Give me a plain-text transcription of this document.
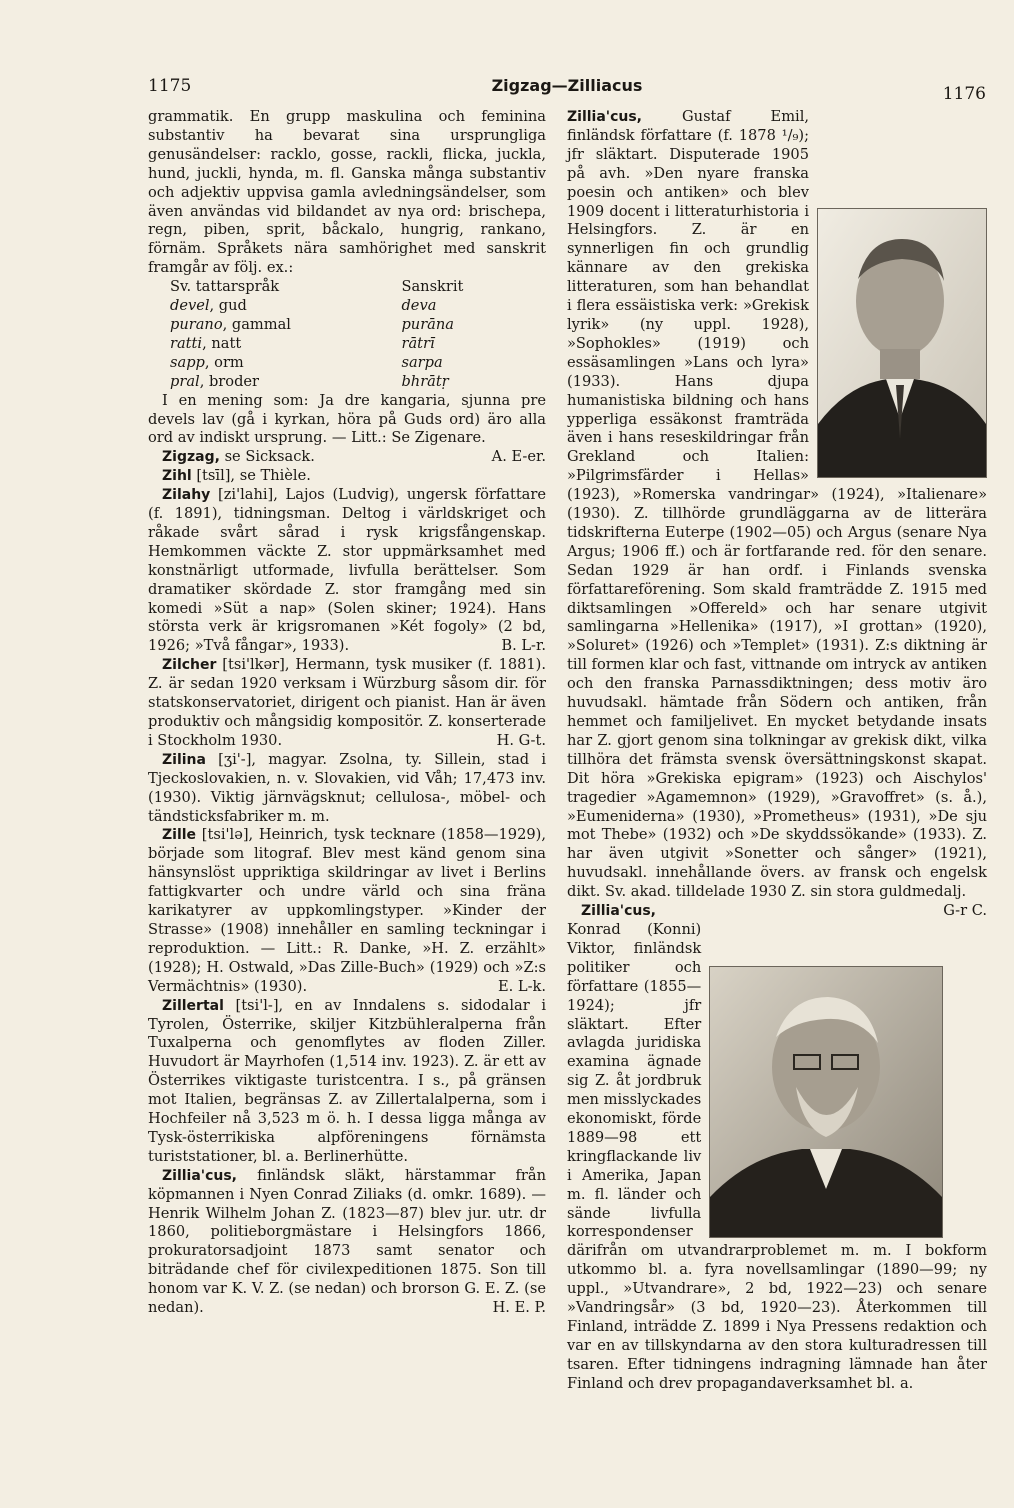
1175	Zigzag—Zilliacus	1176

grammatik. En grupp maskulina och feminina substantiv ha bevarat sina ursprungliga genusändelser: racklo, gosse, rackli, flicka, juckla, hund, juckli, hynda, m. fl. Ganska många substantiv och adjektiv uppvisa gamla avledningsändelser, som även användas vid bildandet av nya ord: brischepa, regn, piben, sprit, båckalo, hungrig, rankano, förnäm. Språkets nära samhörighet med sanskrit framgår av följ. ex.:

Sv. tattarspråk	Sanskrit
devel, gud	deva
purano, gammal	purāna
ratti, natt	rātrī
sapp, orm	sarpa
pral, broder	bhrātṛ

I en mening som: Ja dre kangaria, sjunna pre devels lav (gå i kyrkan, höra på Guds ord) äro alla ord av indiskt ursprung. — Litt.: Se Zigenare.
A. E-er.

Zigzag, se Sicksack.

Zihl [tsīl], se Thièle.

Zilahy [zi'lahi], Lajos (Ludvig), ungersk författare (f. 1891), tidningsman. Deltog i världskriget och råkade svårt sårad i rysk krigsfångenskap. Hemkommen väckte Z. stor uppmärksamhet med konstnärligt utformade, livfulla berättelser. Som dramatiker skördade Z. stor framgång med sin komedi »Süt a nap» (Solen skiner; 1924). Hans största verk är krigsromanen »Két fogoly» (2 bd, 1926; »Två fångar», 1933).	B. L-r.

Zilcher [tsi'lkər], Hermann, tysk musiker (f. 1881). Z. är sedan 1920 verksam i Würzburg såsom dir. för statskonservatoriet, dirigent och pianist. Han är även produktiv och mångsidig kompositör. Z. konserterade i Stockholm 1930.	H. G-t.

Zilina [ʒi'-], magyar. Zsolna, ty. Sillein, stad i Tjeckoslovakien, n. v. Slovakien, vid Våh; 17,473 inv. (1930). Viktig järnvägsknut; cellulosa-, möbel- och tändsticksfabriker m. m.

Zille [tsi'lə], Heinrich, tysk tecknare (1858—1929), började som litograf. Blev mest känd genom sina hänsynslöst uppriktiga skildringar av livet i Berlins fattigkvarter och undre värld och sina fräna karikatyrer av uppkomlingstyper. »Kinder der Strasse» (1908) innehåller en samling teckningar i reproduktion. — Litt.: R. Danke, »H. Z. erzählt» (1928); H. Ostwald, »Das Zille-Buch» (1929) och »Z:s Vermächtnis» (1930).	E. L-k.

Zillertal [tsi'l-], en av Inndalens s. sidodalar i Tyrolen, Österrike, skiljer Kitzbühleralperna från Tuxalperna och genomflytes av floden Ziller. Huvudort är Mayrhofen (1,514 inv. 1923). Z. är ett av Österrikes viktigaste turistcentra. I s., på gränsen mot Italien, begränsas Z. av Zillertalalperna, som i Hochfeiler nå 3,523 m ö. h. I dessa ligga många av Tysk-österrikiska alpföreningens förnämsta turiststationer, bl. a. Berlinerhütte.

Zillia'cus, finländsk släkt, härstammar från köpmannen i Nyen Conrad Ziliaks (d. omkr. 1689). — Henrik Wilhelm Johan Z. (1823—87) blev jur. utr. dr 1860, politieborgmästare i Helsingfors 1866, prokuratorsadjoint 1873 samt senator och biträdande chef för civilexpeditionen 1875. Son till honom var K. V. Z. (se nedan) och brorson G. E. Z. (se nedan).	H. E. P.

Zillia'cus,	Gustaf Emil, finländsk författare (f. 1878 ¹/₉); jfr släktart. Disputerade 1905 på avh. »Den nyare franska poesin och antiken» och blev 1909 docent i litteraturhistoria i Helsingfors. Z. är en synnerligen fin och grundlig kännare av den grekiska litteraturen, som han behandlat i flera essäistiska verk: »Grekisk lyrik» (ny uppl. 1928), »Sophokles» (1919) och essäsamlingen »Lans och lyra» (1933). Hans djupa humanistiska bildning och hans ypperliga essäkonst framträda även i hans reseskildringar från Grekland och Italien: »Pilgrimsfärder i Hellas» (1923), »Romerska vandringar» (1924), »Italienare» (1930). Z. tillhörde grundläggarna av de litterära tidskrifterna Euterpe (1902—05) och Argus (senare Nya Argus; 1906 ff.) och är fortfarande red. för den senare. Sedan 1929 är han ordf. i Finlands svenska författareförening. Som skald framträdde Z. 1915 med diktsamlingen »Offereld» och har senare utgivit samlingarna »Hellenika» (1917), »I grottan» (1920), »Soluret» (1926) och »Templet» (1931). Z:s diktning är till formen klar och fast, vittnande om intryck av antiken och den franska Parnassdiktningen; dess motiv äro huvudsakl. hämtade från Södern och antiken, från hemmet och familjelivet. En mycket betydande insats har Z. gjort genom sina tolkningar av grekisk dikt, vilka tillhöra det främsta svensk översättningskonst skapat. Dit höra »Grekiska epigram» (1923) och Aischylos' tragedier »Agamemnon» (1929), »Gravoffret» (s. å.), »Eumeniderna» (1930), »Prometheus» (1931), »De sju mot Thebe» (1932) och »De skyddssökande» (1933). Z. har även utgivit »Sonetter och sånger» (1921), huvudsakl. innehållande övers. av fransk och engelsk dikt. Sv. akad. tilldelade 1930 Z. sin stora guldmedalj.
G-r C.

Zillia'cus, Konrad (Konni) Viktor, finländsk politiker och författare (1855—1924); jfr släktart. Efter avlagda juridiska examina ägnade sig Z. åt jordbruk men misslyckades ekonomiskt, förde 1889—98 ett kringflackande liv i Amerika, Japan m. fl. länder och sände livfulla korrespondenser därifrån om utvandrarproblemet m. m. I bokform utkommo bl. a. fyra novellsamlingar (1890—99; ny uppl., »Utvandrare», 2 bd, 1922—23) och senare »Vandringsår» (3 bd, 1920—23). Återkommen till Finland, inträdde Z. 1899 i Nya Pressens redaktion och var en av tillskyndarna av den stora kulturadressen till tsaren. Efter tidningens indragning lämnade han åter Finland och drev propagandaverksamhet bl. a.
